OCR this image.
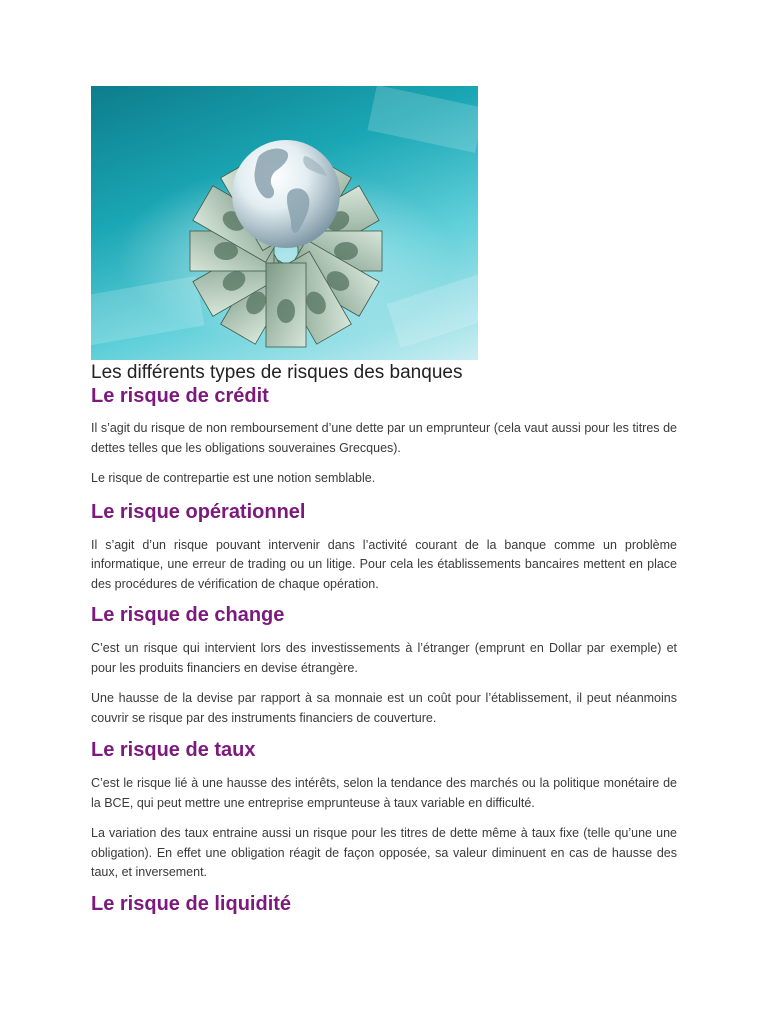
Les différents types de risques des banques
Le risque de crédit

Il s’agit du risque de non remboursement d’une dette par un emprunteur (cela vaut aussi pour les titres de dettes telles que les obligations souveraines Grecques).

Le risque de contrepartie est une notion semblable.

Le risque opérationnel

Il s’agit d’un risque pouvant intervenir dans l’activité courant de la banque comme un problème informatique, une erreur de trading ou un litige. Pour cela les établissements bancaires mettent en place des procédures de vérification de chaque opération.

Le risque de change

C’est un risque qui intervient lors des investissements à l’étranger (emprunt en Dollar par exemple) et pour les produits financiers en devise étrangère.

Une hausse de la devise par rapport à sa monnaie est un coût pour l’établissement, il peut néanmoins couvrir se risque par des instruments financiers de couverture.

Le risque de taux

C’est le risque lié à une hausse des intérêts, selon la tendance des marchés ou la politique monétaire de la BCE, qui peut mettre une entreprise emprunteuse à taux variable en difficulté.

La variation des taux entraine aussi un risque pour les titres de dette même à taux fixe (telle qu’une une obligation). En effet une obligation réagit de façon opposée, sa valeur diminuent en cas de hausse des taux, et inversement.

Le risque de liquidité
